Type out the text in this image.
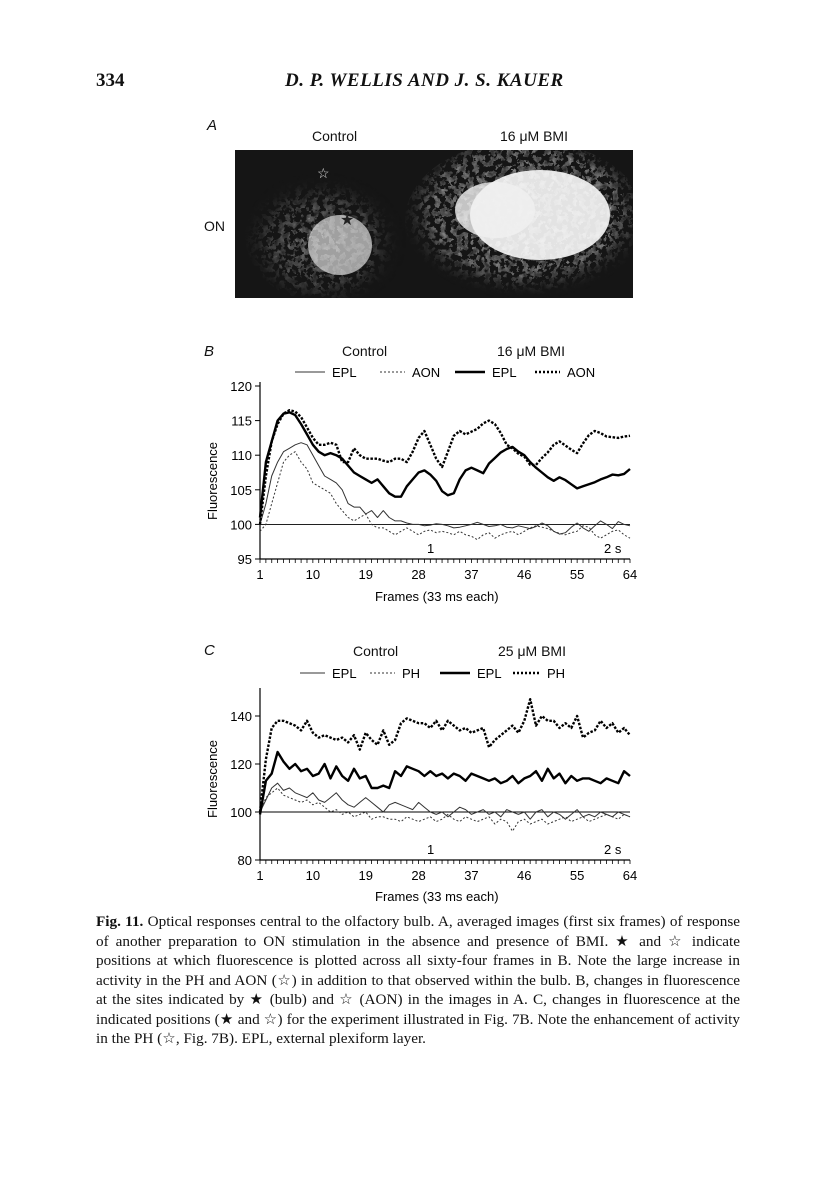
334	D. P. WELLIS AND J. S. KAUER
A
Control	16 μM BMI
ON	★
☆
B	Control	16 μM BMI
EPL	AON	EPL	AON
1	10	19	28	37	46	55	64
95
100
105
110
115
120
Fluorescence
Frames (33 ms each)
1	2 s
C	Control	25 μM BMI
EPL	PH	EPL	PH
1	10	19	28	37	46	55	64
80
100
120
140
Fluorescence
Frames (33 ms each)
1	2 s

Fig. 11. Optical responses central to the olfactory bulb. A, averaged images (first six frames) of response of another preparation to ON stimulation in the absence and presence of BMI. ★ and ☆ indicate positions at which fluorescence is plotted across all sixty-four frames in B. Note the large increase in activity in the PH and AON (☆) in addition to that observed within the bulb. B, changes in fluorescence at the sites indicated by ★ (bulb) and ☆ (AON) in the images in A. C, changes in fluorescence at the indicated positions (★ and ☆) for the experiment illustrated in Fig. 7B. Note the enhancement of activity in the PH (☆, Fig. 7B). EPL, external plexiform layer.
